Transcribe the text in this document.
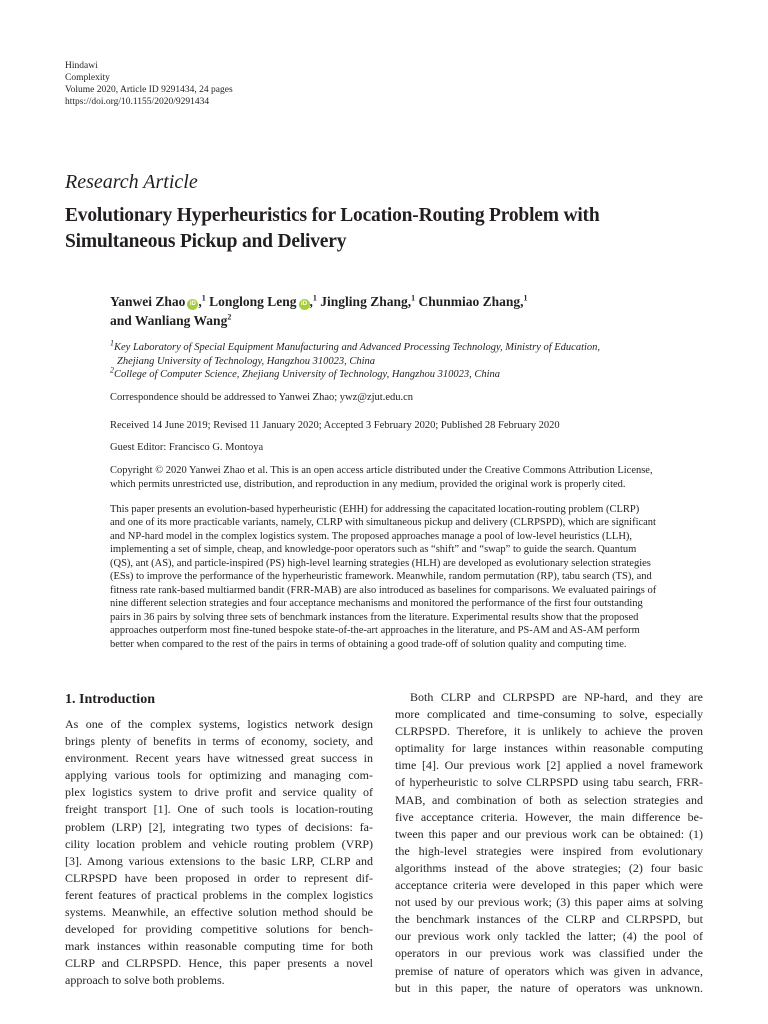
Hindawi
Complexity
Volume 2020, Article ID 9291434, 24 pages
https://doi.org/10.1155/2020/9291434
Research Article
Evolutionary Hyperheuristics for Location-Routing Problem with
Simultaneous Pickup and Delivery
Yanwei Zhao iD ,$^1$ Longlong Leng iD ,$^1$ Jingling Zhang,$^1$ Chunmiao Zhang,$^1$
and Wanliang Wang$^2$
$^1$Key Laboratory of Special Equipment Manufacturing and Advanced Processing Technology, Ministry of Education,
Zhejiang University of Technology, Hangzhou 310023, China
$^2$College of Computer Science, Zhejiang University of Technology, Hangzhou 310023, China
Correspondence should be addressed to Yanwei Zhao; ywz@zjut.edu.cn
Received 14 June 2019; Revised 11 January 2020; Accepted 3 February 2020; Published 28 February 2020
Guest Editor: Francisco G. Montoya
Copyright © 2020 Yanwei Zhao et al. This is an open access article distributed under the Creative Commons Attribution License,
which permits unrestricted use, distribution, and reproduction in any medium, provided the original work is properly cited.
This paper presents an evolution-based hyperheuristic (EHH) for addressing the capacitated location-routing problem (CLRP)
and one of its more practicable variants, namely, CLRP with simultaneous pickup and delivery (CLRPSPD), which are significant
and NP-hard model in the complex logistics system. The proposed approaches manage a pool of low-level heuristics (LLH),
implementing a set of simple, cheap, and knowledge-poor operators such as “shift” and “swap” to guide the search. Quantum
(QS), ant (AS), and particle-inspired (PS) high-level learning strategies (HLH) are developed as evolutionary selection strategies
(ESs) to improve the performance of the hyperheuristic framework. Meanwhile, random permutation (RP), tabu search (TS), and
fitness rate rank-based multiarmed bandit (FRR-MAB) are also introduced as baselines for comparisons. We evaluated pairings of
nine different selection strategies and four acceptance mechanisms and monitored the performance of the first four outstanding
pairs in 36 pairs by solving three sets of benchmark instances from the literature. Experimental results show that the proposed
approaches outperform most fine-tuned bespoke state-of-the-art approaches in the literature, and PS-AM and AS-AM perform
better when compared to the rest of the pairs in terms of obtaining a good trade-off of solution quality and computing time.
1. Introduction
As one of the complex systems, logistics network design
brings plenty of benefits in terms of economy, society, and
environment. Recent years have witnessed great success in
applying various tools for optimizing and managing com-
plex logistics system to drive profit and service quality of
freight transport [1]. One of such tools is location-routing
problem (LRP) [2], integrating two types of decisions: fa-
cility location problem and vehicle routing problem (VRP)
[3]. Among various extensions to the basic LRP, CLRP and
CLRPSPD have been proposed in order to represent dif-
ferent features of practical problems in the complex logistics
systems. Meanwhile, an effective solution method should be
developed for providing competitive solutions for bench-
mark instances within reasonable computing time for both
CLRP and CLRPSPD. Hence, this paper presents a novel
approach to solve both problems.
Both CLRP and CLRPSPD are NP-hard, and they are
more complicated and time-consuming to solve, especially
CLRPSPD. Therefore, it is unlikely to achieve the proven
optimality for large instances within reasonable computing
time [4]. Our previous work [2] applied a novel framework
of hyperheuristic to solve CLRPSPD using tabu search, FRR-
MAB, and combination of both as selection strategies and
five acceptance criteria. However, the main difference be-
tween this paper and our previous work can be obtained: (1)
the high-level strategies were inspired from evolutionary
algorithms instead of the above strategies; (2) four basic
acceptance criteria were developed in this paper which were
not used by our previous work; (3) this paper aims at solving
the benchmark instances of the CLRP and CLRPSPD, but
our previous work only tackled the latter; (4) the pool of
operators in our previous work was classified under the
premise of nature of operators which was given in advance,
but in this paper, the nature of operators was unknown.
